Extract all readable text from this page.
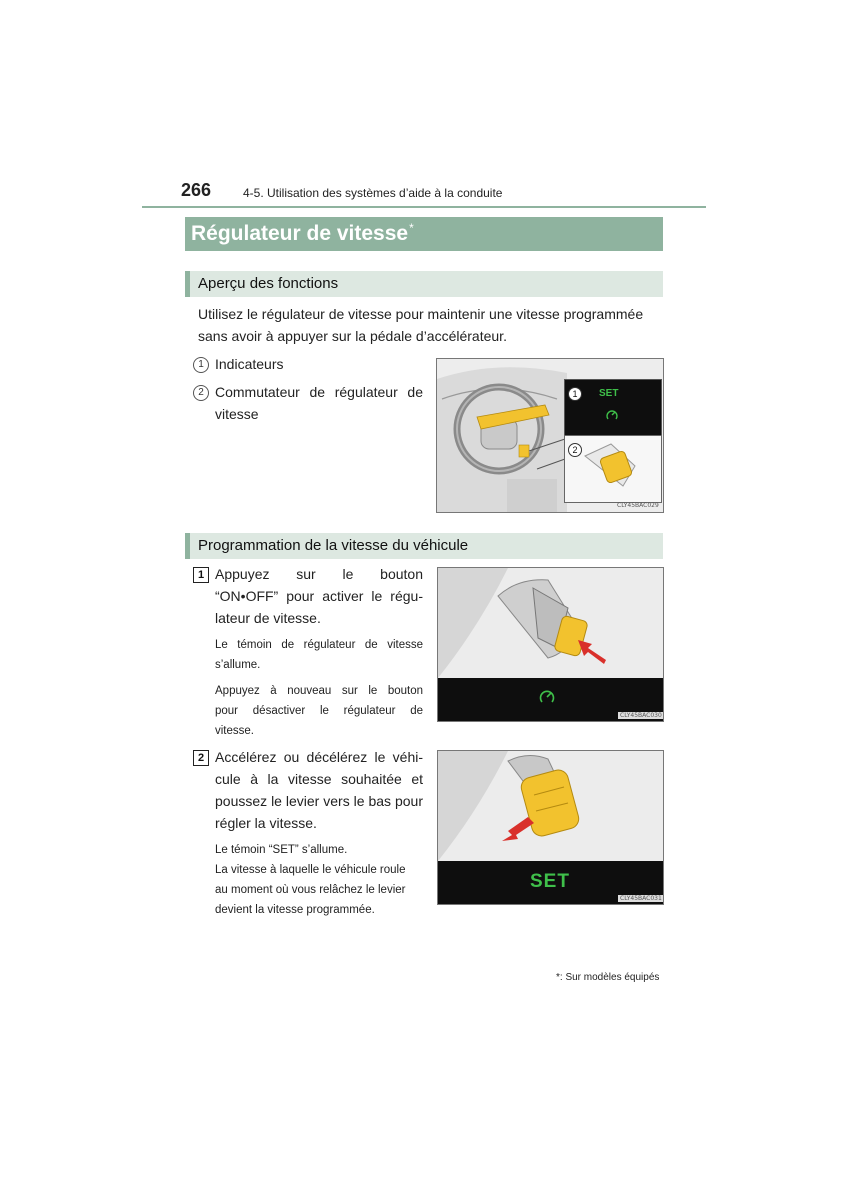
266	4-5. Utilisation des systèmes d’aide à la conduite
Régulateur de vitesse*
Aperçu des fonctions
Utilisez le régulateur de vitesse pour maintenir une vitesse programmée
sans avoir à appuyer sur la pédale d’accélérateur.
1 Indicateurs
2 Commutateur de régulateur de
vitesse
SET
1
2
CLY45BAC029
Programmation de la vitesse du véhicule
1 Appuyez sur le bouton
“ON•OFF” pour activer le régu-
lateur de vitesse.
Le témoin de régulateur de vitesse
s’allume.
Appuyez à nouveau sur le bouton
pour désactiver le régulateur de
vitesse.
CLY45BAC030
2 Accélérez ou décélérez le véhi-
cule à la vitesse souhaitée et
poussez le levier vers le bas pour
régler la vitesse.
Le témoin “SET” s’allume.
La vitesse à laquelle le véhicule roule
au moment où vous relâchez le levier
devient la vitesse programmée.
SET
CLY45BAC031
*: Sur modèles équipés
